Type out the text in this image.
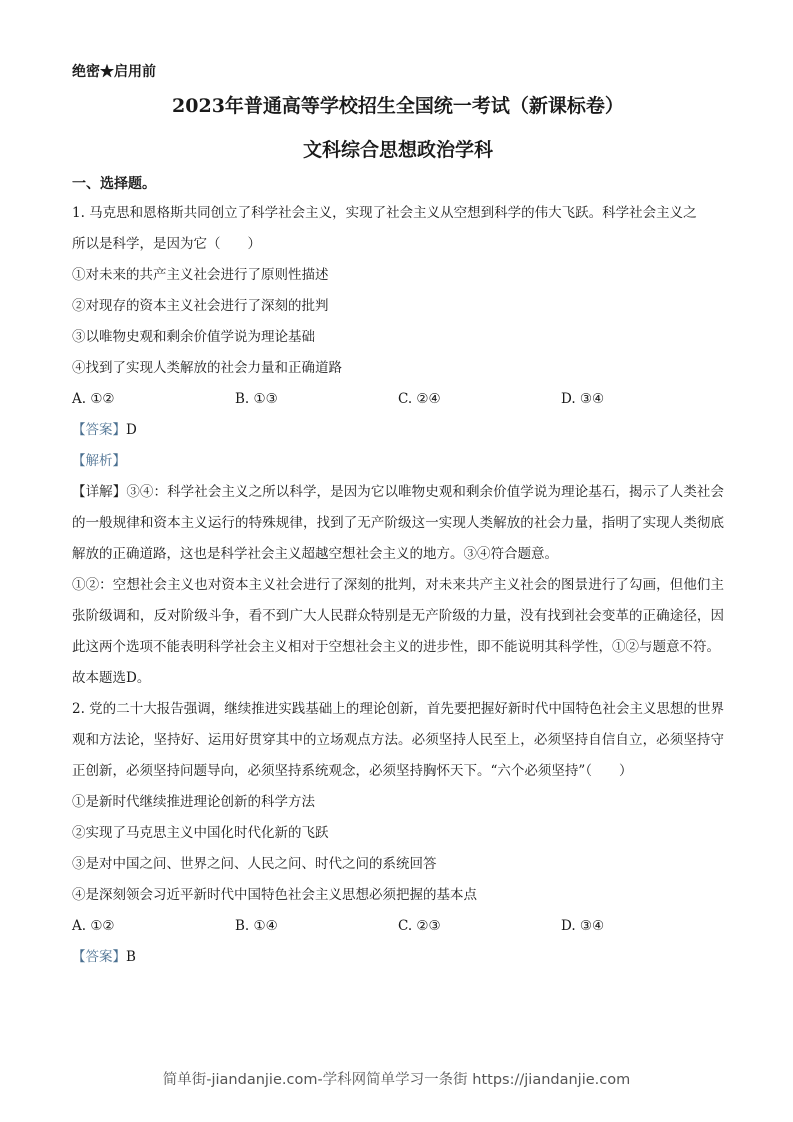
绝密★启用前

2023年普通高等学校招生全国统一考试（新课标卷）
文科综合思想政治学科

一、选择题。

1. 马克思和恩格斯共同创立了科学社会主义，实现了社会主义从空想到科学的伟大飞跃。科学社会主义之

所以是科学，是因为它（　　）

①对未来的共产主义社会进行了原则性描述

②对现存的资本主义社会进行了深刻的批判

③以唯物史观和剩余价值学说为理论基础

④找到了实现人类解放的社会力量和正确道路

A. ①②	B. ①③	C. ②④	D. ③④

【答案】D

【解析】

【详解】③④：科学社会主义之所以科学，是因为它以唯物史观和剩余价值学说为理论基石，揭示了人类社会的一般规律和资本主义运行的特殊规律，找到了无产阶级这一实现人类解放的社会力量，指明了实现人类彻底解放的正确道路，这也是科学社会主义超越空想社会主义的地方。③④符合题意。

①②：空想社会主义也对资本主义社会进行了深刻的批判，对未来共产主义社会的图景进行了勾画，但他们主张阶级调和，反对阶级斗争，看不到广大人民群众特别是无产阶级的力量，没有找到社会变革的正确途径，因此这两个选项不能表明科学社会主义相对于空想社会主义的进步性，即不能说明其科学性，①②与题意不符。

故本题选D。

2. 党的二十大报告强调，继续推进实践基础上的理论创新，首先要把握好新时代中国特色社会主义思想的世界观和方法论，坚持好、运用好贯穿其中的立场观点方法。必须坚持人民至上，必须坚持自信自立，必须坚持守正创新，必须坚持问题导向，必须坚持系统观念，必须坚持胸怀天下。“六个必须坚持”（　　）

①是新时代继续推进理论创新的科学方法

②实现了马克思主义中国化时代化新的飞跃

③是对中国之问、世界之问、人民之问、时代之问的系统回答

④是深刻领会习近平新时代中国特色社会主义思想必须把握的基本点

A. ①②	B. ①④	C. ②③	D. ③④

【答案】B

简单街-jiandanjie.com-学科网简单学习一条街 https://jiandanjie.com
